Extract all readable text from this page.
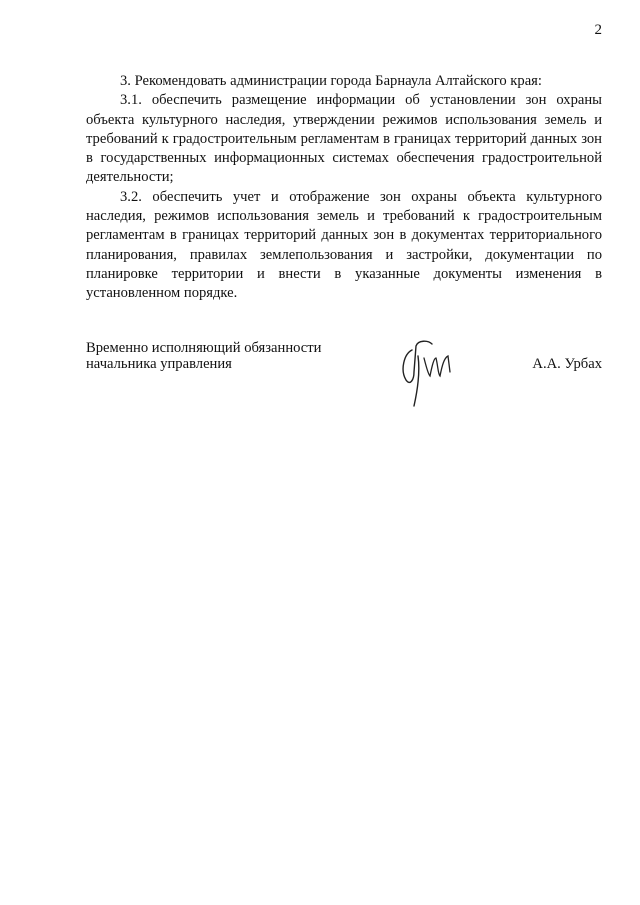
2

3. Рекомендовать администрации города Барнаула Алтайского края:

3.1. обеспечить размещение информации об установлении зон охраны объекта культурного наследия, утверждении режимов использования земель и требований к градостроительным регламентам в границах территорий данных зон в государственных информационных системах обеспечения градостроительной деятельности;

3.2. обеспечить учет и отображение зон охраны объекта культурного наследия, режимов использования земель и требований к градостроительным регламентам в границах территорий данных зон в документах территориального планирования, правилах землепользования и застройки, документации по планировке территории и внести в указанные документы изменения в установленном порядке.

Временно исполняющий обязанности
начальника управления	А.А. Урбах
